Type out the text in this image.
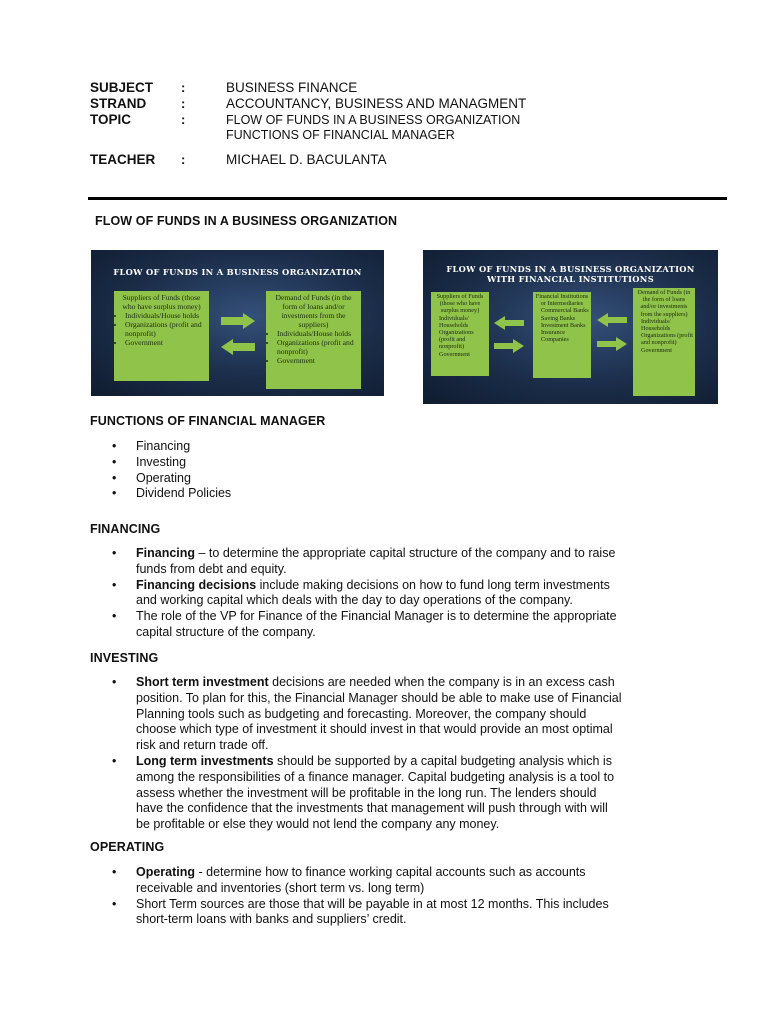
SUBJECT :	BUSINESS FINANCE
STRAND	:	ACCOUNTANCY, BUSINESS AND MANAGMENT
TOPIC	:	FLOW OF FUNDS IN A BUSINESS ORGANIZATION
FUNCTIONS OF FINANCIAL MANAGER
TEACHER :	MICHAEL D. BACULANTA
FLOW OF FUNDS IN A BUSINESS ORGANIZATION
FLOW OF FUNDS IN A BUSINESS ORGANIZATION
Suppliers of Funds (those who have surplus money)
• Individuals/House holds
• Organizations (profit and nonprofit)
• Government
Demand of Funds (in the form of loans and/or investments from the suppliers)
• Individuals/House holds
• Organizations (profit and nonprofit)
• Government
FLOW OF FUNDS IN A BUSINESS ORGANIZATION
WITH FINANCIAL INSTITUTIONS
Suppliers of Funds (those who have surplus money)
• Individuals/ Households
• Organizations (profit and nonprofit)
• Government
Financial Institutions or Intermediaries
• Commercial Banks
• Saving Banks
• Investment Banks
• Insurance Companies
Demand of Funds (in the form of loans and/or investments from the suppliers)
• Individuals/ Households
• Organizations (profit and nonprofit)
• Government
FUNCTIONS OF FINANCIAL MANAGER
• Financing
• Investing
• Operating
• Dividend Policies
FINANCING
• Financing – to determine the appropriate capital structure of the company and to raise
funds from debt and equity.
• Financing decisions include making decisions on how to fund long term investments
and working capital which deals with the day to day operations of the company.
• The role of the VP for Finance of the Financial Manager is to determine the appropriate
capital structure of the company.
INVESTING
• Short term investment decisions are needed when the company is in an excess cash
position. To plan for this, the Financial Manager should be able to make use of Financial
Planning tools such as budgeting and forecasting. Moreover, the company should
choose which type of investment it should invest in that would provide an most optimal
risk and return trade off.
• Long term investments should be supported by a capital budgeting analysis which is
among the responsibilities of a finance manager. Capital budgeting analysis is a tool to
assess whether the investment will be profitable in the long run. The lenders should
have the confidence that the investments that management will push through with will
be profitable or else they would not lend the company any money.
OPERATING
• Operating - determine how to finance working capital accounts such as accounts
receivable and inventories (short term vs. long term)
• Short Term sources are those that will be payable in at most 12 months. This includes
short-term loans with banks and suppliers’ credit.
